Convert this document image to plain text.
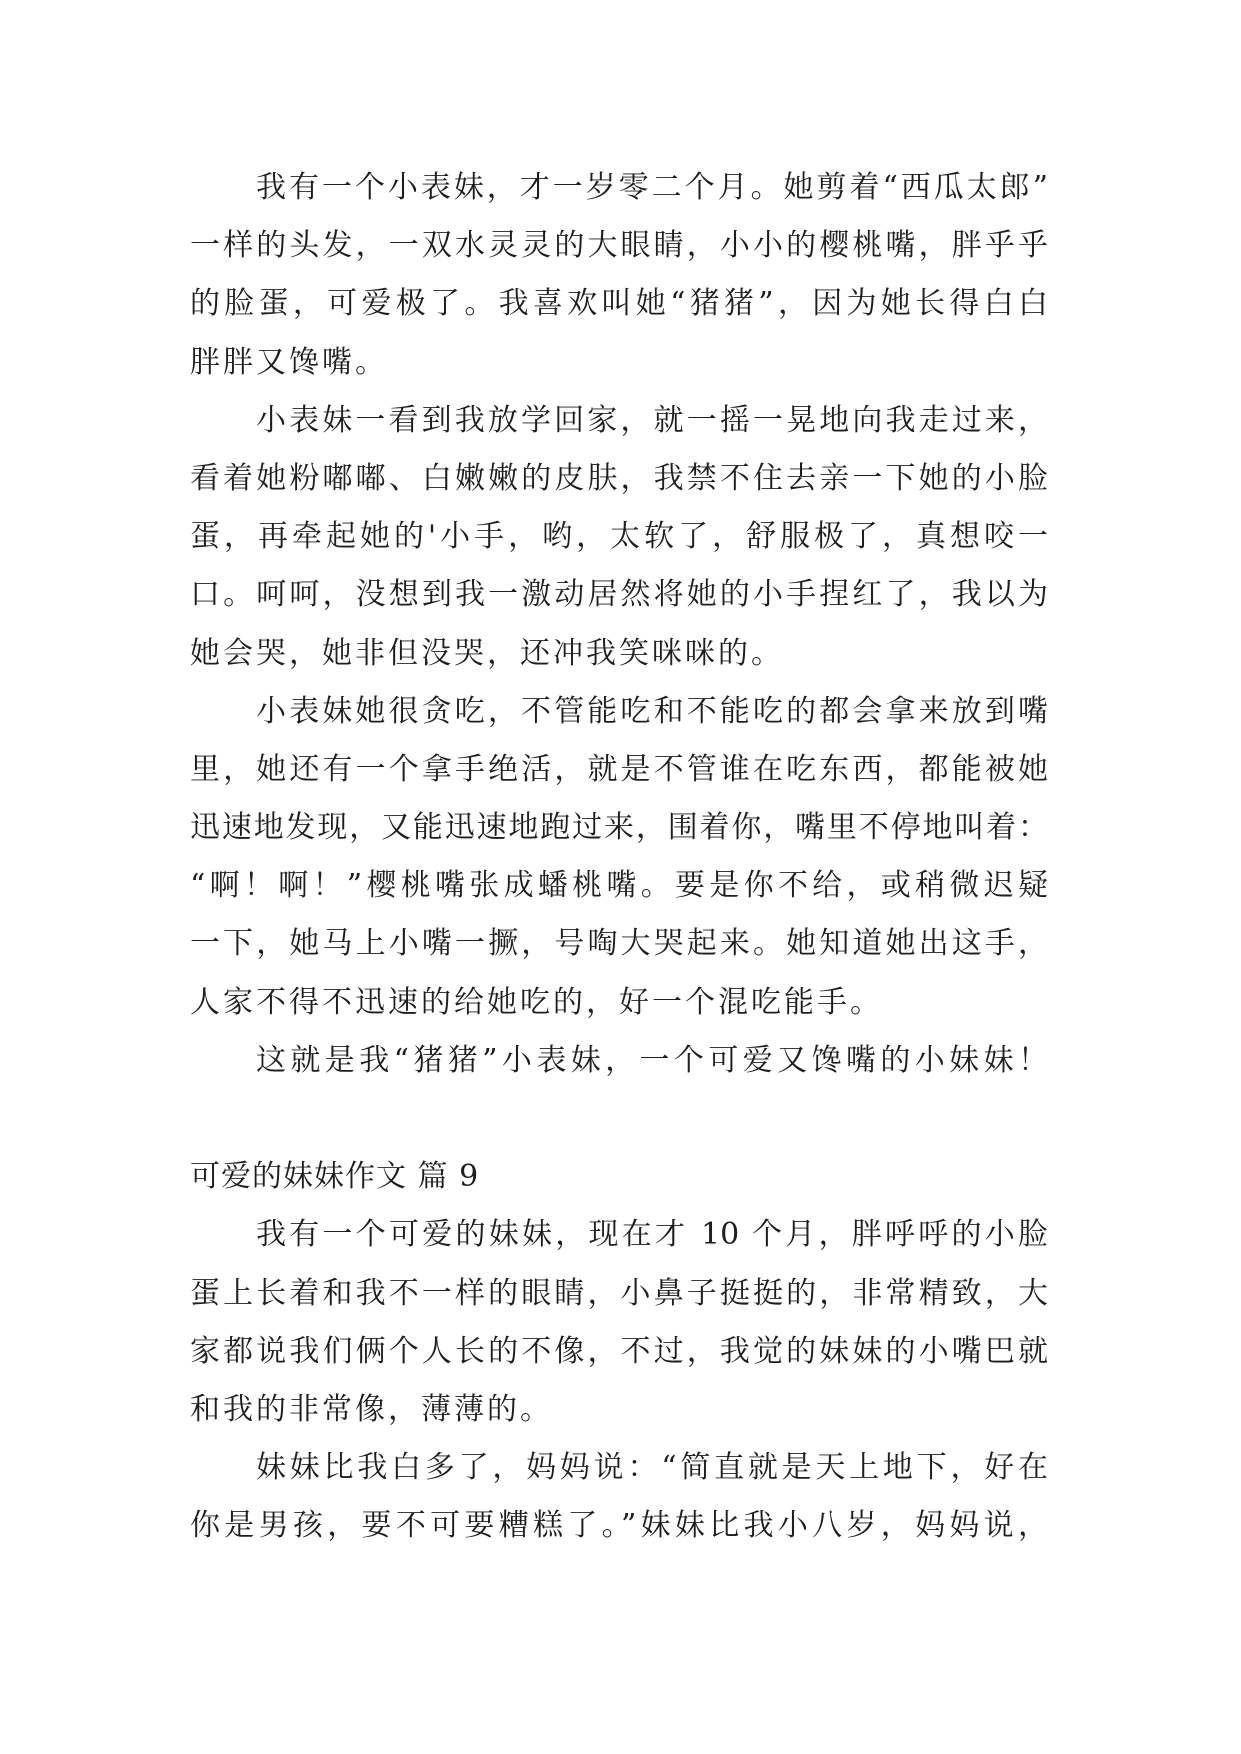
我有一个小表妹，才一岁零二个月。她剪着“西瓜太郎”
一样的头发，一双水灵灵的大眼睛，小小的樱桃嘴，胖乎乎
的脸蛋，可爱极了。我喜欢叫她“猪猪”，因为她长得白白
胖胖又馋嘴。
小表妹一看到我放学回家，就一摇一晃地向我走过来，
看着她粉嘟嘟、白嫩嫩的皮肤，我禁不住去亲一下她的小脸
蛋，再牵起她的'小手，哟，太软了，舒服极了，真想咬一
口。呵呵，没想到我一激动居然将她的小手捏红了，我以为
她会哭，她非但没哭，还冲我笑咪咪的。
小表妹她很贪吃，不管能吃和不能吃的都会拿来放到嘴
里，她还有一个拿手绝活，就是不管谁在吃东西，都能被她
迅速地发现，又能迅速地跑过来，围着你，嘴里不停地叫着：
“啊！啊！”樱桃嘴张成蟠桃嘴。要是你不给，或稍微迟疑
一下，她马上小嘴一撅，号啕大哭起来。她知道她出这手，
人家不得不迅速的给她吃的，好一个混吃能手。
这就是我“猪猪”小表妹，一个可爱又馋嘴的小妹妹！
可爱的妹妹作文 篇 9
我有一个可爱的妹妹，现在才 10 个月，胖呼呼的小脸
蛋上长着和我不一样的眼睛，小鼻子挺挺的，非常精致，大
家都说我们俩个人长的不像，不过，我觉的妹妹的小嘴巴就
和我的非常像，薄薄的。
妹妹比我白多了，妈妈说：“简直就是天上地下，好在
你是男孩，要不可要糟糕了。”妹妹比我小八岁，妈妈说，
